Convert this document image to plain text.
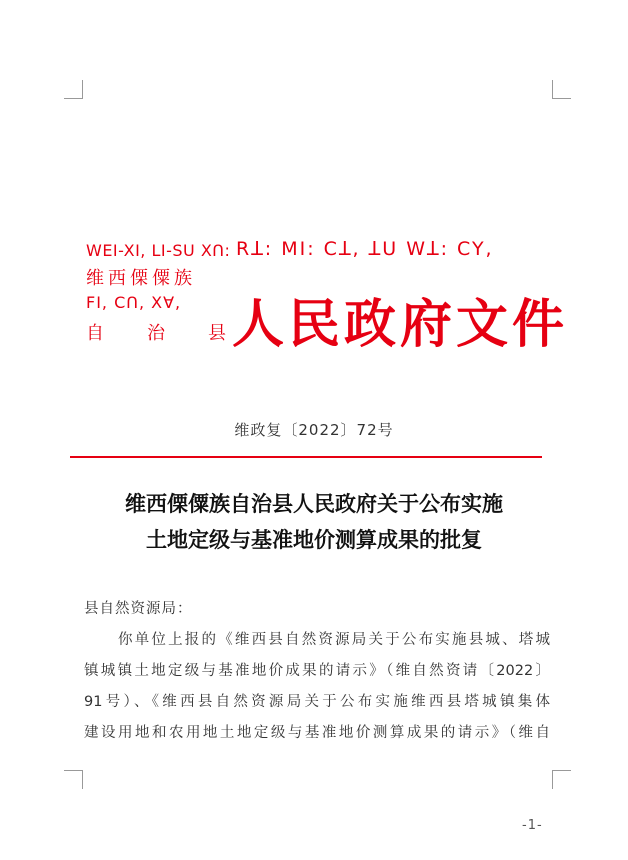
WEI-XI, LI-SU Xꓵ: Rꓕ: MI: Cꓕ, ꓕU Wꓕ: CY,
维西傈僳族
FI, Cꓵ, Xꓯ,
自 治 县 人民政府文件
维政复〔2022〕72号
维西傈僳族自治县人民政府关于公布实施
土地定级与基准地价测算成果的批复
县自然资源局：
你单位上报的《维西县自然资源局关于公布实施县城、塔城
镇城镇土地定级与基准地价成果的请示》（维自然资请〔2022〕
91号）、《维西县自然资源局关于公布实施维西县塔城镇集体
建设用地和农用地土地定级与基准地价测算成果的请示》（维自
-1-
